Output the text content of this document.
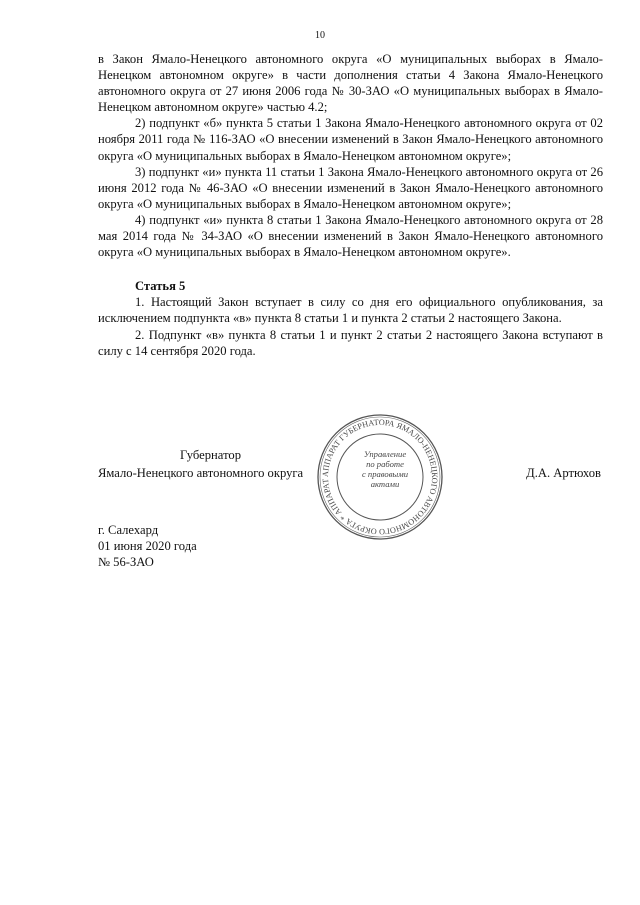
10

в Закон Ямало-Ненецкого автономного округа «О муниципальных выборах в Ямало-Ненецком автономном округе» в части дополнения статьи 4 Закона Ямало-Ненецкого автономного округа от 27 июня 2006 года № 30-ЗАО «О муниципальных выборах в Ямало-Ненецком автономном округе» частью 4.2;

2) подпункт «б» пункта 5 статьи 1 Закона Ямало-Ненецкого автономного округа от 02 ноября 2011 года № 116-ЗАО «О внесении изменений в Закон Ямало-Ненецкого автономного округа «О муниципальных выборах в Ямало-Ненецком автономном округе»;

3) подпункт «и» пункта 11 статьи 1 Закона Ямало-Ненецкого автономного округа от 26 июня 2012 года № 46-ЗАО «О внесении изменений в Закон Ямало-Ненецкого автономного округа «О муниципальных выборах в Ямало-Ненецком автономном округе»;

4) подпункт «и» пункта 8 статьи 1 Закона Ямало-Ненецкого автономного округа от 28 мая 2014 года № 34-ЗАО «О внесении изменений в Закон Ямало-Ненецкого автономного округа «О муниципальных выборах в Ямало-Ненецком автономном округе».

Статья 5

1. Настоящий Закон вступает в силу со дня его официального опубликования, за исключением подпункта «в» пункта 8 статьи 1 и пункта 2 статьи 2 настоящего Закона.

2. Подпункт «в» пункта 8 статьи 1 и пункт 2 статьи 2 настоящего Закона вступают в силу с 14 сентября 2020 года.

Губернатор
Ямало-Ненецкого автономного округа	Д.А. Артюхов
АППАРАТ ГУБЕРНАТОРА ЯМАЛО-НЕНЕЦКОГО АВТОНОМНОГО ОКРУГА * АППАРАТ
Управление
по работе
с правовыми
актами
г. Салехард
01 июня 2020 года
№ 56-ЗАО
